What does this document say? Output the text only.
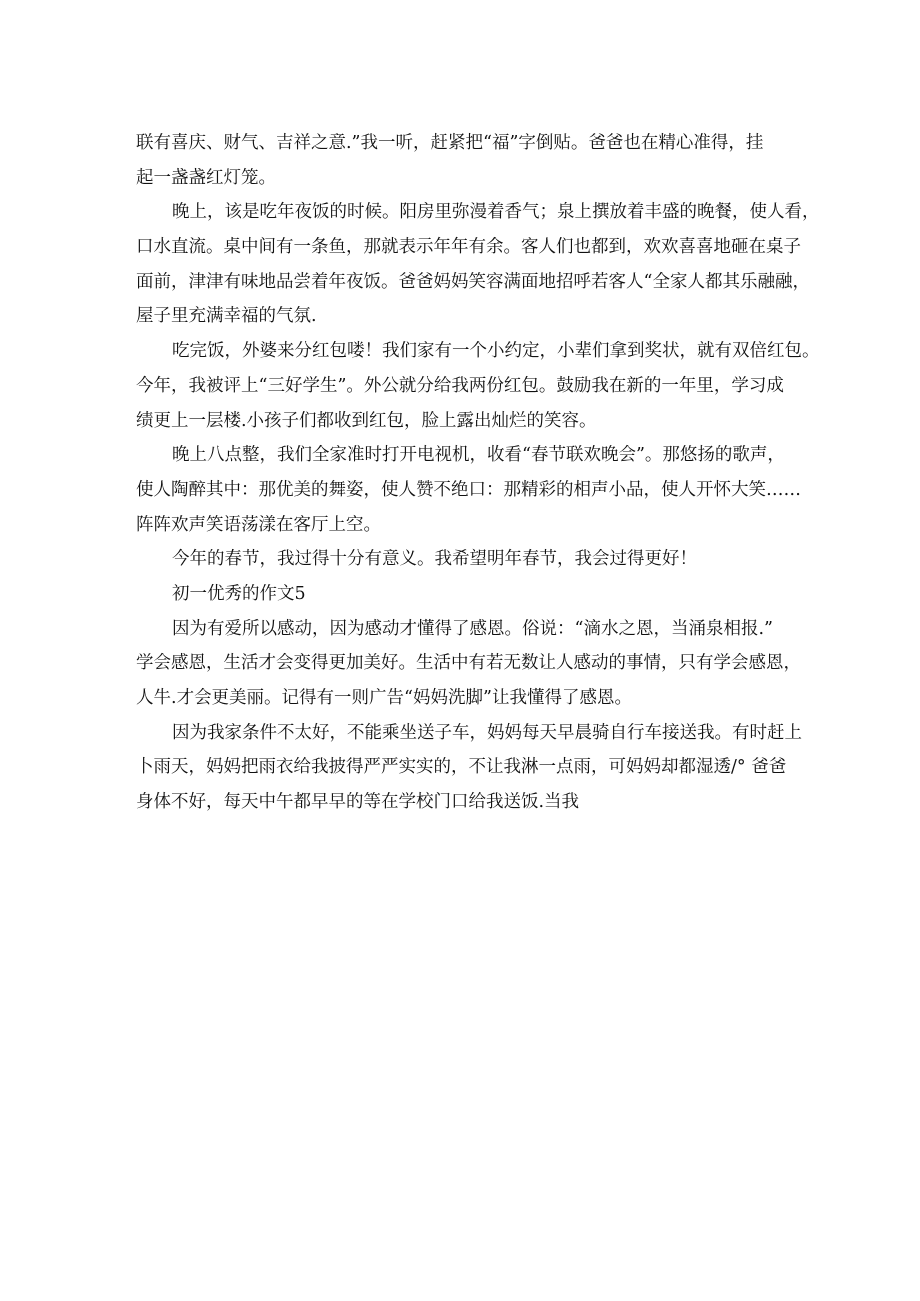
联有喜庆、财气、吉祥之意.”我一听，赶紧把“福”字倒贴。爸爸也在精心准得，挂
起一盏盏红灯笼。
晚上，该是吃年夜饭的时候。阳房里弥漫着香气；泉上撰放着丰盛的晚餐，使人看，
口水直流。桌中间有一条鱼，那就表示年年有余。客人们也都到，欢欢喜喜地砸在桌子
面前，津津有味地品尝着年夜饭。爸爸妈妈笑容满面地招呼若客人“全家人都其乐融融，
屋子里充满幸福的气氛.
吃完饭，外婆来分红包喽！我们家有一个小约定，小辈们拿到奖状，就有双倍红包。
今年，我被评上“三好学生”。外公就分给我两份红包。鼓励我在新的一年里，学习成
绩更上一层楼.小孩子们都收到红包，脸上露出灿烂的笑容。
晚上八点整，我们全家准时打开电视机，收看“春节联欢晚会”。那悠扬的歌声，
使人陶醉其中：那优美的舞姿，使人赞不绝口：那精彩的相声小品，使人开怀大笑……
阵阵欢声笑语荡漾在客厅上空。
今年的春节，我过得十分有意义。我希望明年春节，我会过得更好！
初一优秀的作文5
因为有爱所以感动，因为感动才懂得了感恩。俗说：“滴水之恩，当涌泉相报.”
学会感恩，生活才会变得更加美好。生活中有若无数让人感动的事情，只有学会感恩，
人牛.才会更美丽。记得有一则广告“妈妈洗脚”让我懂得了感恩。
因为我家条件不太好，不能乘坐送子车，妈妈每天早晨骑自行车接送我。有时赶上
卜雨天，妈妈把雨衣给我披得严严实实的，不让我淋一点雨，可妈妈却都湿透/° 爸爸
身体不好，每天中午都早早的等在学校门口给我送饭.当我
